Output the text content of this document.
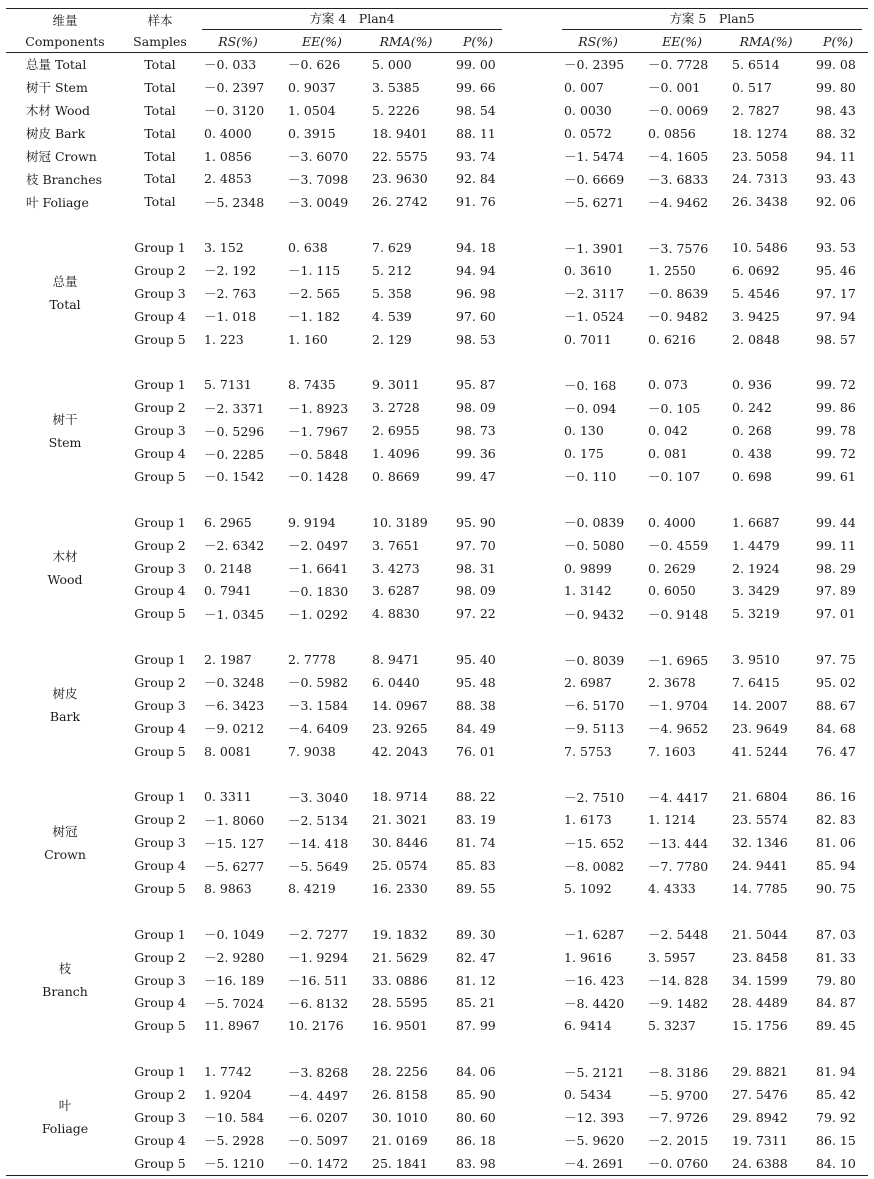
维量	样本	方案 4　Plan4					方案 5　Plan5			

Components	Samples	RS(%)	EE(%)	RMA(%)	P(%)		RS(%)	EE(%)	RMA(%)	P(%)
总量 Total	Total	－0. 033	－0. 626	5. 000	99. 00		－0. 2395	－0. 7728	5. 6514	99. 08
树干 Stem	Total	－0. 2397	0. 9037	3. 5385	99. 66		0. 007	－0. 001	0. 517	99. 80
木材 Wood	Total	－0. 3120	1. 0504	5. 2226	98. 54		0. 0030	－0. 0069	2. 7827	98. 43
树皮 Bark	Total	0. 4000	0. 3915	18. 9401	88. 11		0. 0572	0. 0856	18. 1274	88. 32
树冠 Crown	Total	1. 0856	－3. 6070	22. 5575	93. 74		－1. 5474	－4. 1605	23. 5058	94. 11
枝 Branches	Total	2. 4853	－3. 7098	23. 9630	92. 84		－0. 6669	－3. 6833	24. 7313	93. 43
叶 Foliage	Total	－5. 2348	－3. 0049	26. 2742	91. 76		－5. 6271	－4. 9462	26. 3438	92. 06

总量
Total	Group 1	3. 152	0. 638	7. 629	94. 18		－1. 3901	－3. 7576	10. 5486	93. 53
	Group 2	－2. 192	－1. 115	5. 212	94. 94		0. 3610	1. 2550	6. 0692	95. 46
	Group 3	－2. 763	－2. 565	5. 358	96. 98		－2. 3117	－0. 8639	5. 4546	97. 17
	Group 4	－1. 018	－1. 182	4. 539	97. 60		－1. 0524	－0. 9482	3. 9425	97. 94
	Group 5	1. 223	1. 160	2. 129	98. 53		0. 7011	0. 6216	2. 0848	98. 57

树干
Stem	Group 1	5. 7131	8. 7435	9. 3011	95. 87		－0. 168	0. 073	0. 936	99. 72
	Group 2	－2. 3371	－1. 8923	3. 2728	98. 09		－0. 094	－0. 105	0. 242	99. 86
	Group 3	－0. 5296	－1. 7967	2. 6955	98. 73		0. 130	0. 042	0. 268	99. 78
	Group 4	－0. 2285	－0. 5848	1. 4096	99. 36		0. 175	0. 081	0. 438	99. 72
	Group 5	－0. 1542	－0. 1428	0. 8669	99. 47		－0. 110	－0. 107	0. 698	99. 61

木材
Wood	Group 1	6. 2965	9. 9194	10. 3189	95. 90		－0. 0839	0. 4000	1. 6687	99. 44
	Group 2	－2. 6342	－2. 0497	3. 7651	97. 70		－0. 5080	－0. 4559	1. 4479	99. 11
	Group 3	0. 2148	－1. 6641	3. 4273	98. 31		0. 9899	0. 2629	2. 1924	98. 29
	Group 4	0. 7941	－0. 1830	3. 6287	98. 09		1. 3142	0. 6050	3. 3429	97. 89
	Group 5	－1. 0345	－1. 0292	4. 8830	97. 22		－0. 9432	－0. 9148	5. 3219	97. 01

树皮
Bark	Group 1	2. 1987	2. 7778	8. 9471	95. 40		－0. 8039	－1. 6965	3. 9510	97. 75
	Group 2	－0. 3248	－0. 5982	6. 0440	95. 48		2. 6987	2. 3678	7. 6415	95. 02
	Group 3	－6. 3423	－3. 1584	14. 0967	88. 38		－6. 5170	－1. 9704	14. 2007	88. 67
	Group 4	－9. 0212	－4. 6409	23. 9265	84. 49		－9. 5113	－4. 9652	23. 9649	84. 68
	Group 5	8. 0081	7. 9038	42. 2043	76. 01		7. 5753	7. 1603	41. 5244	76. 47

树冠
Crown	Group 1	0. 3311	－3. 3040	18. 9714	88. 22		－2. 7510	－4. 4417	21. 6804	86. 16
	Group 2	－1. 8060	－2. 5134	21. 3021	83. 19		1. 6173	1. 1214	23. 5574	82. 83
	Group 3	－15. 127	－14. 418	30. 8446	81. 74		－15. 652	－13. 444	32. 1346	81. 06
	Group 4	－5. 6277	－5. 5649	25. 0574	85. 83		－8. 0082	－7. 7780	24. 9441	85. 94
	Group 5	8. 9863	8. 4219	16. 2330	89. 55		5. 1092	4. 4333	14. 7785	90. 75

枝
Branch	Group 1	－0. 1049	－2. 7277	19. 1832	89. 30		－1. 6287	－2. 5448	21. 5044	87. 03
	Group 2	－2. 9280	－1. 9294	21. 5629	82. 47		1. 9616	3. 5957	23. 8458	81. 33
	Group 3	－16. 189	－16. 511	33. 0886	81. 12		－16. 423	－14. 828	34. 1599	79. 80
	Group 4	－5. 7024	－6. 8132	28. 5595	85. 21		－8. 4420	－9. 1482	28. 4489	84. 87
	Group 5	11. 8967	10. 2176	16. 9501	87. 99		6. 9414	5. 3237	15. 1756	89. 45

叶
Foliage	Group 1	1. 7742	－3. 8268	28. 2256	84. 06		－5. 2121	－8. 3186	29. 8821	81. 94
	Group 2	1. 9204	－4. 4497	26. 8158	85. 90		0. 5434	－5. 9700	27. 5476	85. 42
	Group 3	－10. 584	－6. 0207	30. 1010	80. 60		－12. 393	－7. 9726	29. 8942	79. 92
	Group 4	－5. 2928	－0. 5097	21. 0169	86. 18		－5. 9620	－2. 2015	19. 7311	86. 15
	Group 5	－5. 1210	－0. 1472	25. 1841	83. 98		－4. 2691	－0. 0760	24. 6388	84. 10
